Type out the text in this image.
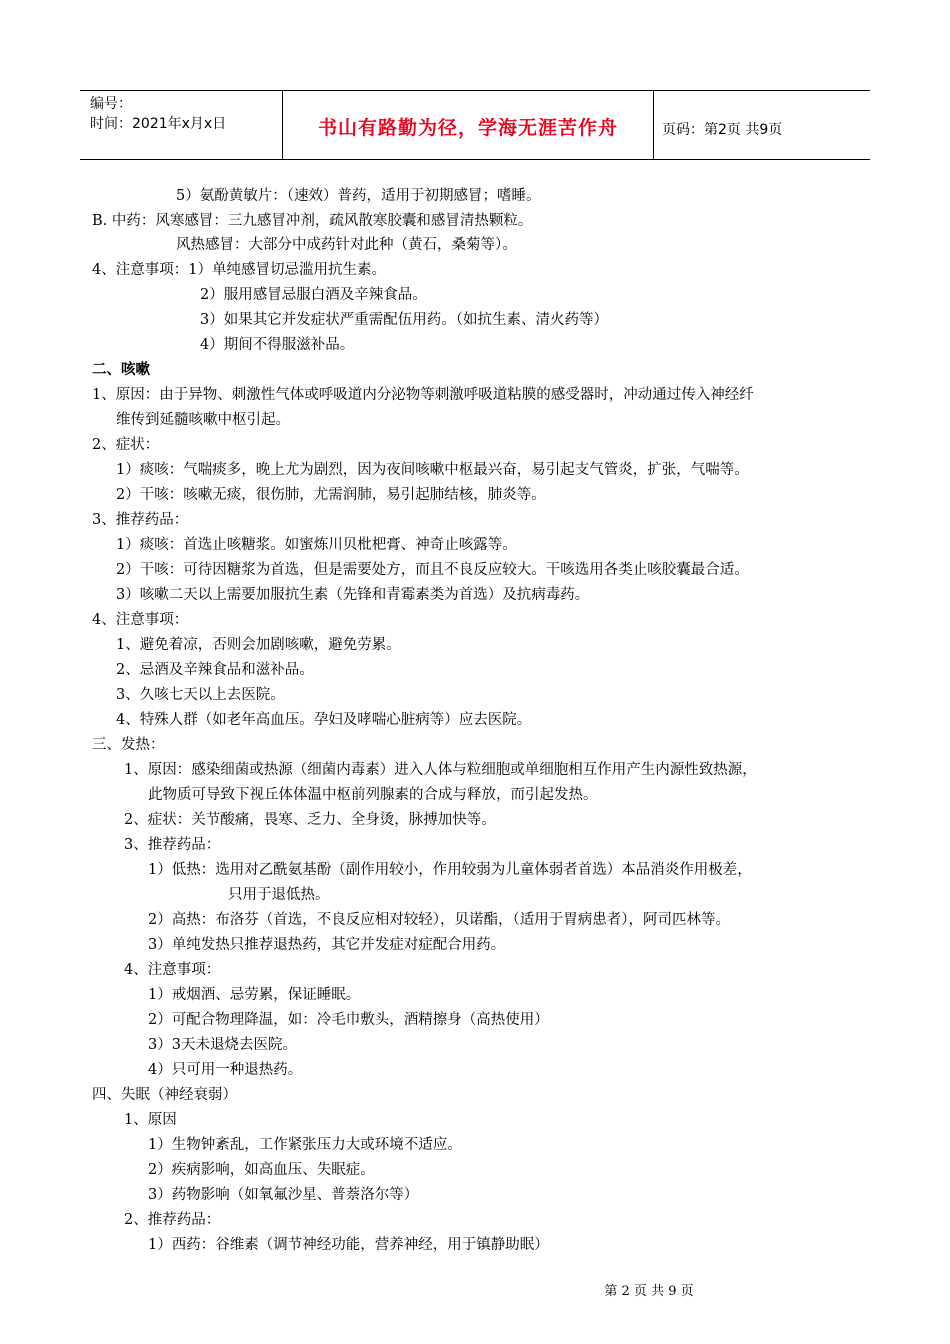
编号：
时间：2021年x月x日	书山有路勤为径，学海无涯苦作舟	页码：第2页 共9页
5）氨酚黄敏片：（速效）普药，适用于初期感冒；嗜睡。
B. 中药：风寒感冒：三九感冒冲剂，疏风散寒胶囊和感冒清热颗粒。
风热感冒：大部分中成药针对此种（黄石，桑菊等）。
4、注意事项：1）单纯感冒切忌滥用抗生素。
2）服用感冒忌服白酒及辛辣食品。
3）如果其它并发症状严重需配伍用药。（如抗生素、清火药等）
4）期间不得服滋补品。
二、咳嗽
1、原因：由于异物、刺激性气体或呼吸道内分泌物等刺激呼吸道粘膜的感受器时，冲动通过传入神经纤
维传到延髓咳嗽中枢引起。
2、症状：
1）痰咳：气喘痰多，晚上尤为剧烈，因为夜间咳嗽中枢最兴奋，易引起支气管炎，扩张，气喘等。
2）干咳：咳嗽无痰，很伤肺，尤需润肺，易引起肺结核，肺炎等。
3、推荐药品：
1）痰咳：首选止咳糖浆。如蜜炼川贝枇杷膏、神奇止咳露等。
2）干咳：可待因糖浆为首选，但是需要处方，而且不良反应较大。干咳选用各类止咳胶囊最合适。
3）咳嗽二天以上需要加服抗生素（先锋和青霉素类为首选）及抗病毒药。
4、注意事项：
1、避免着凉，否则会加剧咳嗽，避免劳累。
2、忌酒及辛辣食品和滋补品。
3、久咳七天以上去医院。
4、特殊人群（如老年高血压。孕妇及哮喘心脏病等）应去医院。
三、发热：
1、原因：感染细菌或热源（细菌内毒素）进入人体与粒细胞或单细胞相互作用产生内源性致热源，
此物质可导致下视丘体体温中枢前列腺素的合成与释放，而引起发热。
2、症状：关节酸痛，畏寒、乏力、全身烫，脉搏加快等。
3、推荐药品：
1）低热：选用对乙酰氨基酚（副作用较小，作用较弱为儿童体弱者首选）本品消炎作用极差，
只用于退低热。
2）高热：布洛芬（首选，不良反应相对较轻），贝诺酯，（适用于胃病患者），阿司匹林等。
3）单纯发热只推荐退热药，其它并发症对症配合用药。
4、注意事项：
1）戒烟酒、忌劳累，保证睡眠。
2）可配合物理降温，如：冷毛巾敷头，酒精擦身（高热使用）
3）3天未退烧去医院。
4）只可用一种退热药。
四、失眠（神经衰弱）
1、原因
1）生物钟紊乱，工作紧张压力大或环境不适应。
2）疾病影响，如高血压、失眠症。
3）药物影响（如氧氟沙星、普萘洛尔等）
2、推荐药品：
1）西药：谷维素（调节神经功能，营养神经，用于镇静助眠）
第 2 页 共 9 页
